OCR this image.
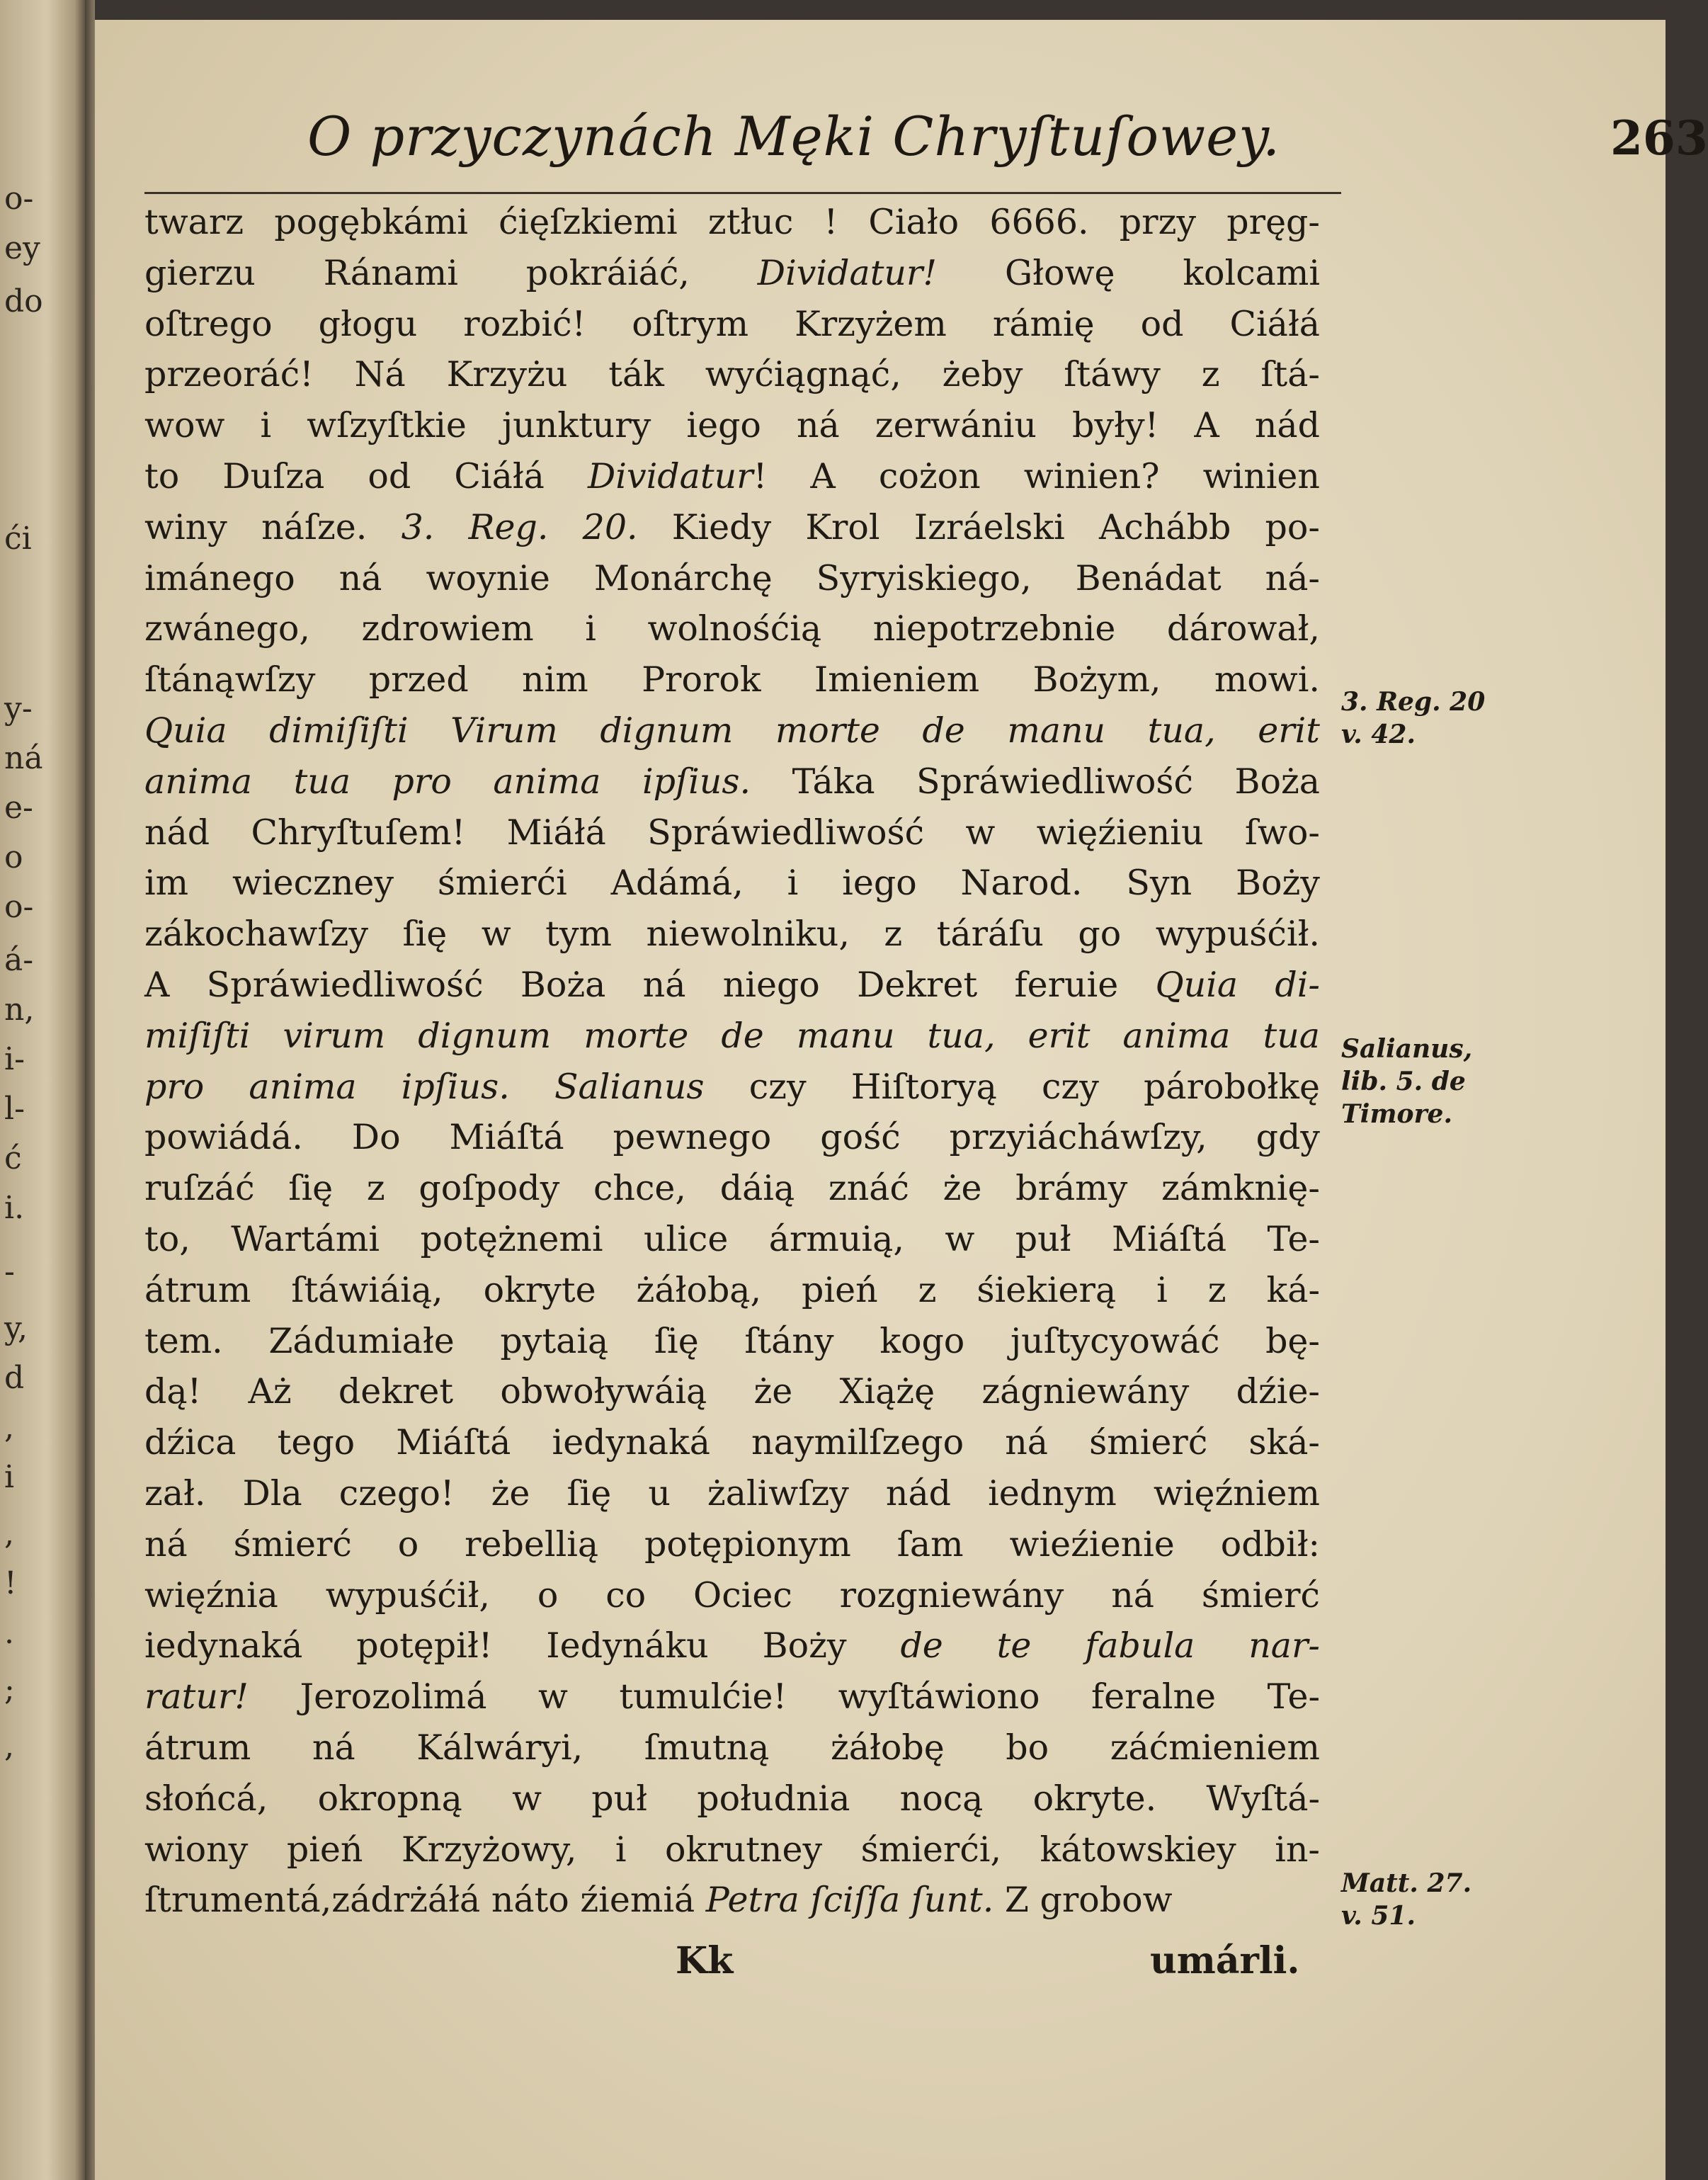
o-
ey
do
ći
y-
ná
e-
o
o-
á-
n,
i-
l-
ć
i.
-
y,
d
,
i
,
!
.
;
,
O przyczynách Męki Chryſtuſowey.	263
twarz pogębkámi ćięſzkiemi ztłuc ! Ciało 6666. przy pręg-
gierzu Ránami pokráiáć, Dividatur! Głowę kolcami
oſtrego głogu rozbić! oſtrym Krzyżem rámię od Ciáłá
przeoráć! Ná Krzyżu ták wyćiągnąć, żeby ſtáwy z ſtá-
wow i wſzyſtkie junktury iego ná zerwániu były! A nád
to Duſza od Ciáłá Dividatur! A cożon winien? winien
winy náſze. 3. Reg. 20. Kiedy Krol Izráelski Achább po-
imánego ná woynie Monárchę Syryiskiego, Benádat ná-
zwánego, zdrowiem i wolnośćią niepotrzebnie dárował,
ſtánąwſzy przed nim Prorok Imieniem Bożym, mowi.
Quia dimiſiſti Virum dignum morte de manu tua, erit
anima tua pro anima ipſius. Táka Spráwiedliwość Boża
nád Chryſtuſem! Miáłá Spráwiedliwość w więźieniu ſwo-
im wieczney śmierći Adámá, i iego Narod. Syn Boży
zákochawſzy ſię w tym niewolniku, z táráſu go wypuśćił.
A Spráwiedliwość Boża ná niego Dekret feruie Quia di-
miſiſti virum dignum morte de manu tua, erit anima tua
pro anima ipſius. Salianus czy Hiſtoryą czy párobołkę
powiádá. Do Miáſtá pewnego gość przyiácháwſzy, gdy
ruſzáć ſię z goſpody chce, dáią znáć że brámy zámknię-
to, Wartámi potężnemi ulice ármuią, w puł Miáſtá Te-
átrum ſtáwiáią, okryte żáłobą, pień z śiekierą i z ká-
tem. Zádumiałe pytaią ſię ſtány kogo juſtycyowáć bę-
dą! Aż dekret obwoływáią że Xiążę zágniewány dźie-
dźica tego Miáſtá iedynaká naymilſzego ná śmierć ská-
zał. Dla czego! że ſię u żaliwſzy nád iednym więźniem
ná śmierć o rebellią potępionym ſam wieźienie odbił:
więźnia wypuśćił, o co Ociec rozgniewány ná śmierć
iedynaká potępił! Iedynáku Boży de te fabula nar-
ratur! Jerozolimá w tumulćie! wyſtáwiono feralne Te-
átrum ná Kálwáryi, ſmutną żáłobę bo záćmieniem
słońcá, okropną w puł południa nocą okryte. Wyſtá-
wiony pień Krzyżowy, i okrutney śmierći, kátowskiey in-
ſtrumentá,zádrżáłá náto źiemiá Petra ſciſſa ſunt. Z grobow
3. Reg. 20
v. 42.
Salianus,
lib. 5. de
Timore.
Matt. 27.
v. 51.
Kk	umárli.
